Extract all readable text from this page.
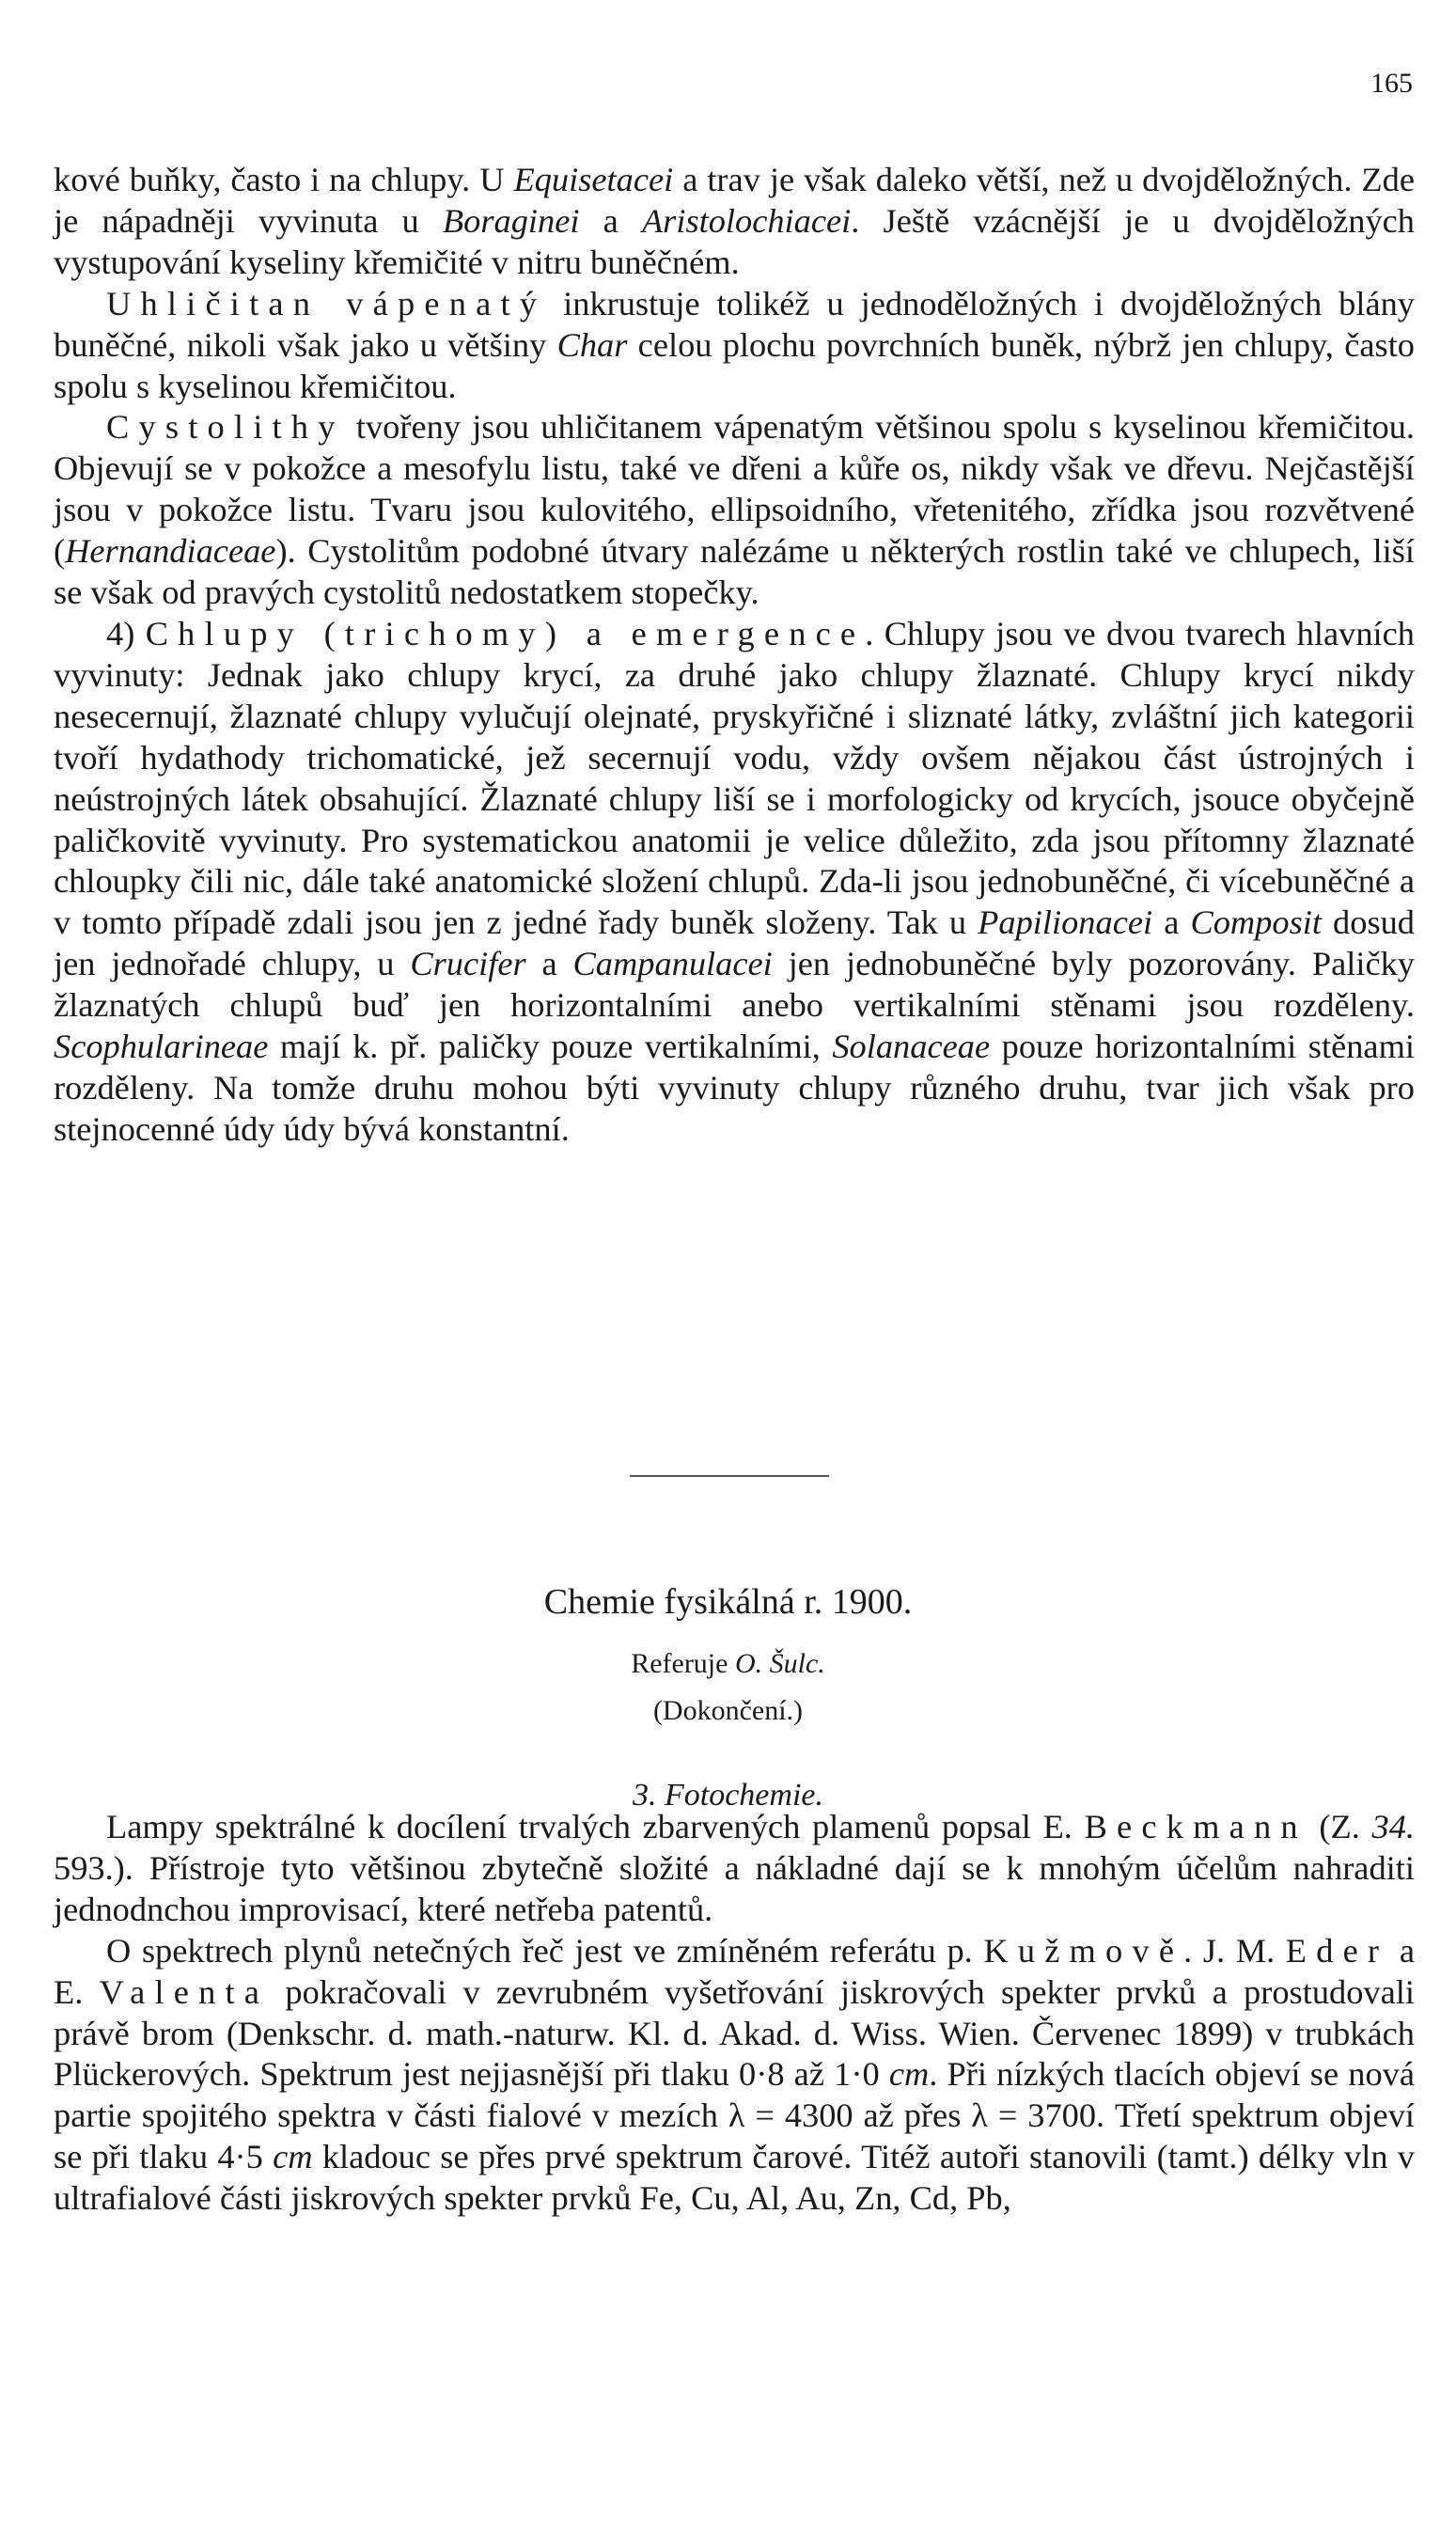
165

kové buňky, často i na chlupy. U Equisetacei a trav je však daleko větší, než u dvojděložných. Zde je nápadněji vyvinuta u Boraginei a Aristolochiacei. Ještě vzácnější je u dvojděložných vystupování kyseliny křemičité v nitru buněčném.

Uhličitan vápenatý inkrustuje tolikéž u jednoděložných i dvojděložných blány buněčné, nikoli však jako u většiny Char celou plochu povrchních buněk, nýbrž jen chlupy, často spolu s kyselinou křemičitou.

Cystolithy tvořeny jsou uhličitanem vápenatým většinou spolu s kyselinou křemičitou. Objevují se v pokožce a mesofylu listu, také ve dřeni a kůře os, nikdy však ve dřevu. Nejčastější jsou v pokožce listu. Tvaru jsou kulovitého, ellipsoidního, vřetenitého, zřídka jsou rozvětvené (Hernandiaceae). Cystolitům podobné útvary nalézáme u některých rostlin také ve chlupech, liší se však od pravých cystolitů nedostatkem stopečky.

4) Chlupy (trichomy) a emergence. Chlupy jsou ve dvou tvarech hlavních vyvinuty: Jednak jako chlupy krycí, za druhé jako chlupy žlaznaté. Chlupy krycí nikdy nesecernují, žlaznaté chlupy vylučují olejnaté, pryskyřičné i sliznaté látky, zvláštní jich kategorii tvoří hydathody trichomatické, jež secernují vodu, vždy ovšem nějakou část ústrojných i neústrojných látek obsahující. Žlaznaté chlupy liší se i morfologicky od krycích, jsouce obyčejně paličkovitě vyvinuty. Pro systematickou anatomii je velice důležito, zda jsou přítomny žlaznaté chloupky čili nic, dále také anatomické složení chlupů. Zda-li jsou jednobuněčné, či vícebuněčné a v tomto případě zdali jsou jen z jedné řady buněk složeny. Tak u Papilionacei a Composit dosud jen jednořadé chlupy, u Crucifer a Campanulacei jen jednobuněčné byly pozorovány. Paličky žlaznatých chlupů buď jen horizontalními anebo vertikalními stěnami jsou rozděleny. Scophularineae mají k. př. paličky pouze vertikalními, Solanaceae pouze horizontalními stěnami rozděleny. Na tomže druhu mohou býti vyvinuty chlupy různého druhu, tvar jich však pro stejnocenné údy údy bývá konstantní.

Chemie fysikálná r. 1900.
Referuje O. Šulc.
(Dokončení.)
3. Fotochemie.

Lampy spektrálné k docílení trvalých zbarvených plamenů popsal E. Beckmann (Z. 34. 593.). Přístroje tyto většinou zbytečně složité a nákladné dají se k mnohým účelům nahraditi jednodnchou improvisací, které netřeba patentů.

O spektrech plynů netečných řeč jest ve zmíněném referátu p. Kužmově. J. M. Eder a E. Valenta pokračovali v zevrubném vyšetřování jiskrových spekter prvků a prostudovali právě brom (Denkschr. d. math.-naturw. Kl. d. Akad. d. Wiss. Wien. Červenec 1899) v trubkách Plückerových. Spektrum jest nejjasnější při tlaku 0·8 až 1·0 cm. Při nízkých tlacích objeví se nová partie spojitého spektra v části fialové v mezích λ = 4300 až přes λ = 3700. Třetí spektrum objeví se při tlaku 4·5 cm kladouc se přes prvé spektrum čarové. Titéž autoři stanovili (tamt.) délky vln v ultrafialové části jiskrových spekter prvků Fe, Cu, Al, Au, Zn, Cd, Pb,
